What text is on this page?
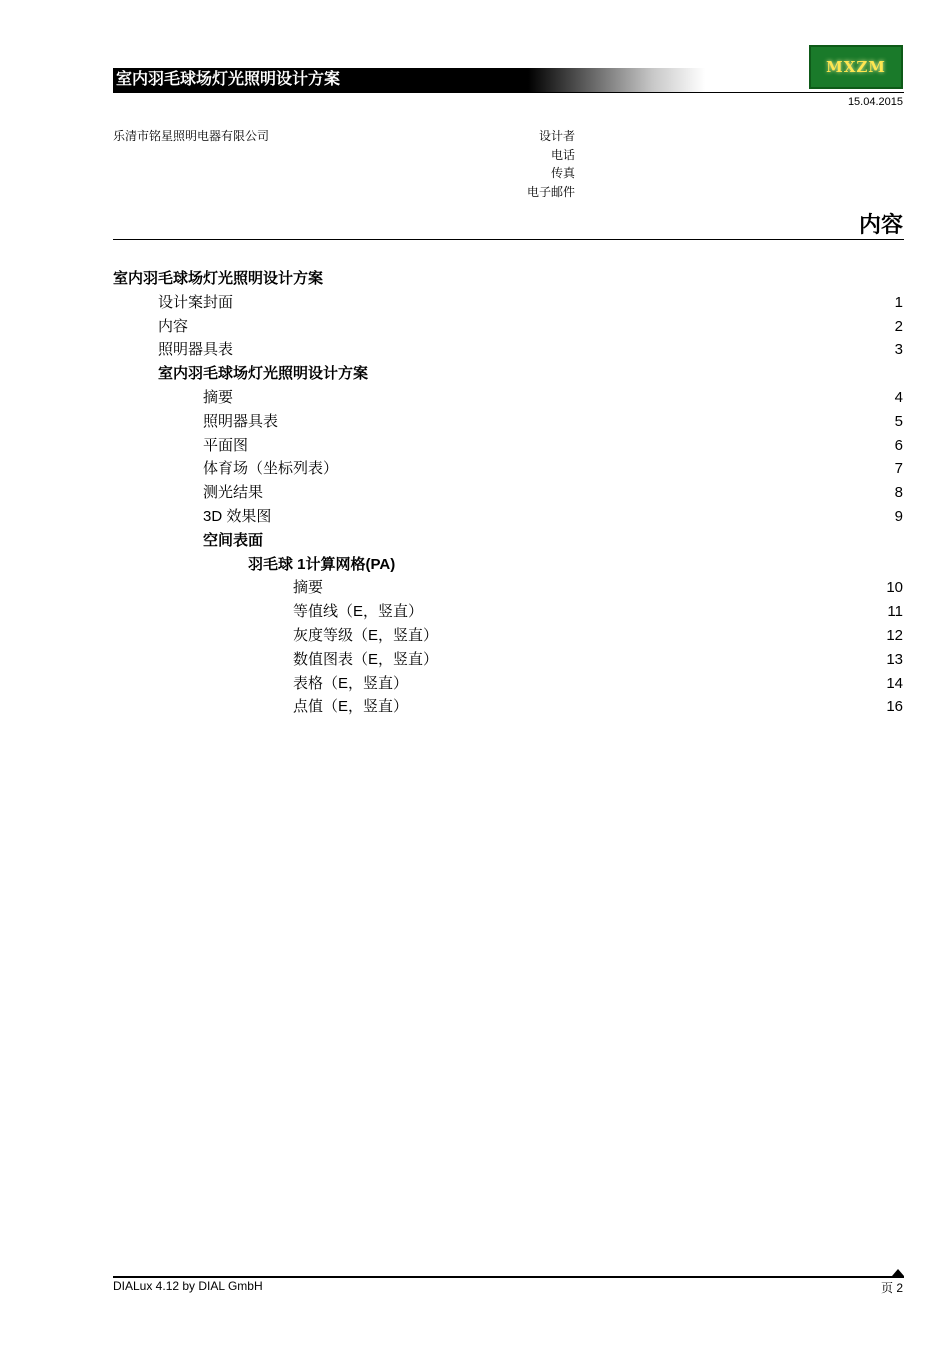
室内羽毛球场灯光照明设计方案
MXZM
15.04.2015
乐清市铭星照明电器有限公司	设计者
电话
传真
电子邮件
内容
室内羽毛球场灯光照明设计方案
设计案封面	1
内容	2
照明器具表	3
室内羽毛球场灯光照明设计方案
摘要	4
照明器具表	5
平面图	6
体育场（坐标列表）	7
测光结果	8
3D 效果图	9
空间表面
羽毛球 1计算网格(PA)
摘要	10
等值线（E，竖直）	11
灰度等级（E，竖直）	12
数值图表（E，竖直）	13
表格（E，竖直）	14
点值（E，竖直）	16
DIALux 4.12 by DIAL GmbH	页 2
